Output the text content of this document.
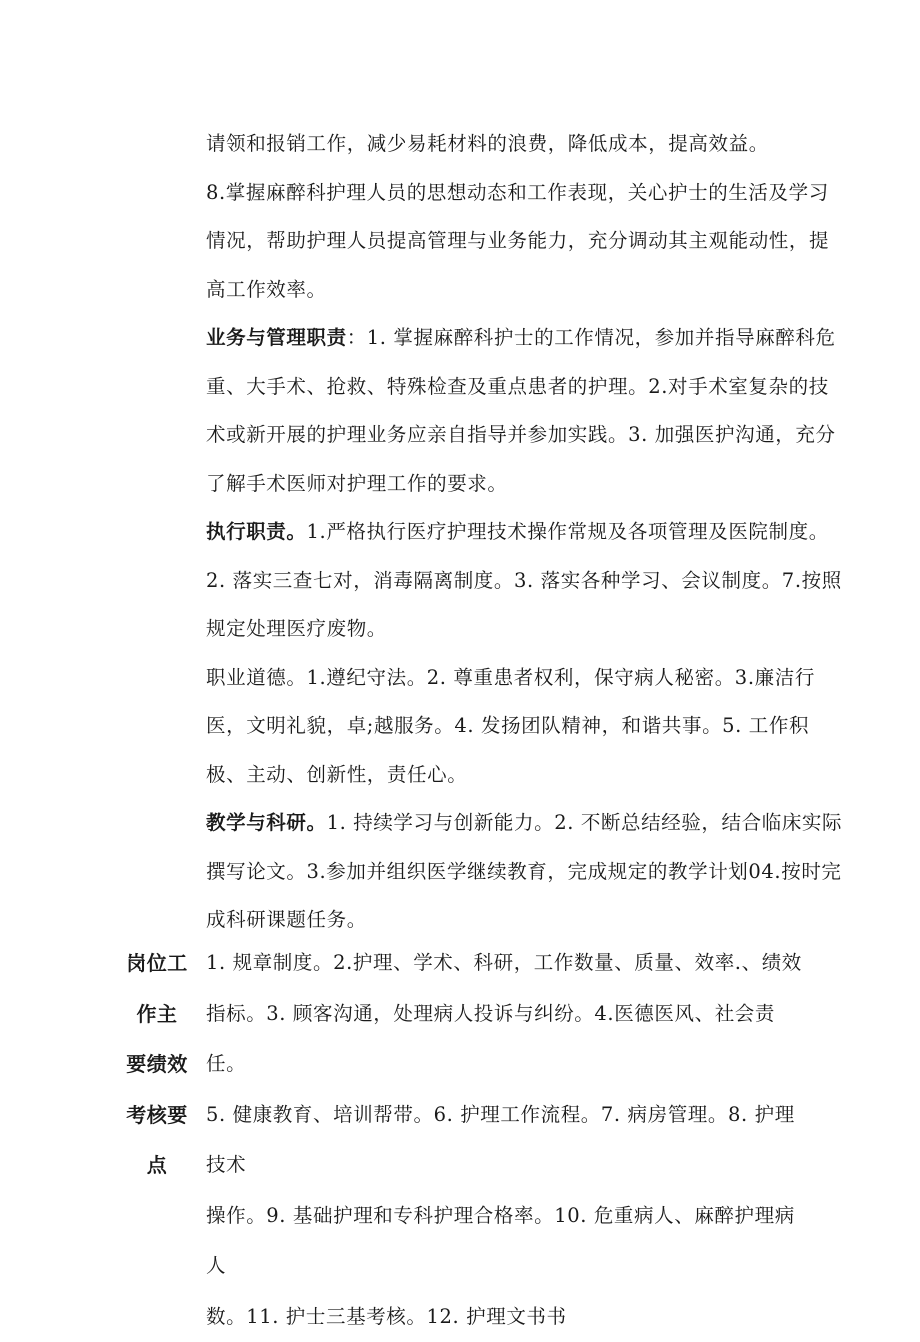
请领和报销工作，减少易耗材料的浪费，降低成本，提高效益。

8.掌握麻醉科护理人员的思想动态和工作表现，关心护士的生活及学习情况，帮助护理人员提高管理与业务能力，充分调动其主观能动性，提高工作效率。

业务与管理职责：1. 掌握麻醉科护士的工作情况，参加并指导麻醉科危重、大手术、抢救、特殊检查及重点患者的护理。2.对手术室复杂的技术或新开展的护理业务应亲自指导并参加实践。3. 加强医护沟通，充分了解手术医师对护理工作的要求。

执行职责。1.严格执行医疗护理技术操作常规及各项管理及医院制度。2. 落实三查七对，消毒隔离制度。3. 落实各种学习、会议制度。7.按照规定处理医疗废物。

职业道德。1.遵纪守法。2. 尊重患者权利，保守病人秘密。3.廉洁行医，文明礼貌，卓;越服务。4. 发扬团队精神，和谐共事。5. 工作积极、主动、创新性，责任心。

教学与科研。1. 持续学习与创新能力。2. 不断总结经验，结合临床实际撰写论文。3.参加并组织医学继续教育，完成规定的教学计划04.按时完成科研课题任务。

岗位工
作主
要绩效
考核要
点
1. 规章制度。2.护理、学术、科研，工作数量、质量、效率.、绩效
指标。3. 顾客沟通，处理病人投诉与纠纷。4.医德医风、社会责任。
5. 健康教育、培训帮带。6. 护理工作流程。7. 病房管理。8. 护理技术
操作。9. 基础护理和专科护理合格率。10. 危重病人、麻醉护理病人
数。11. 护士三基考核。12. 护理文书书
